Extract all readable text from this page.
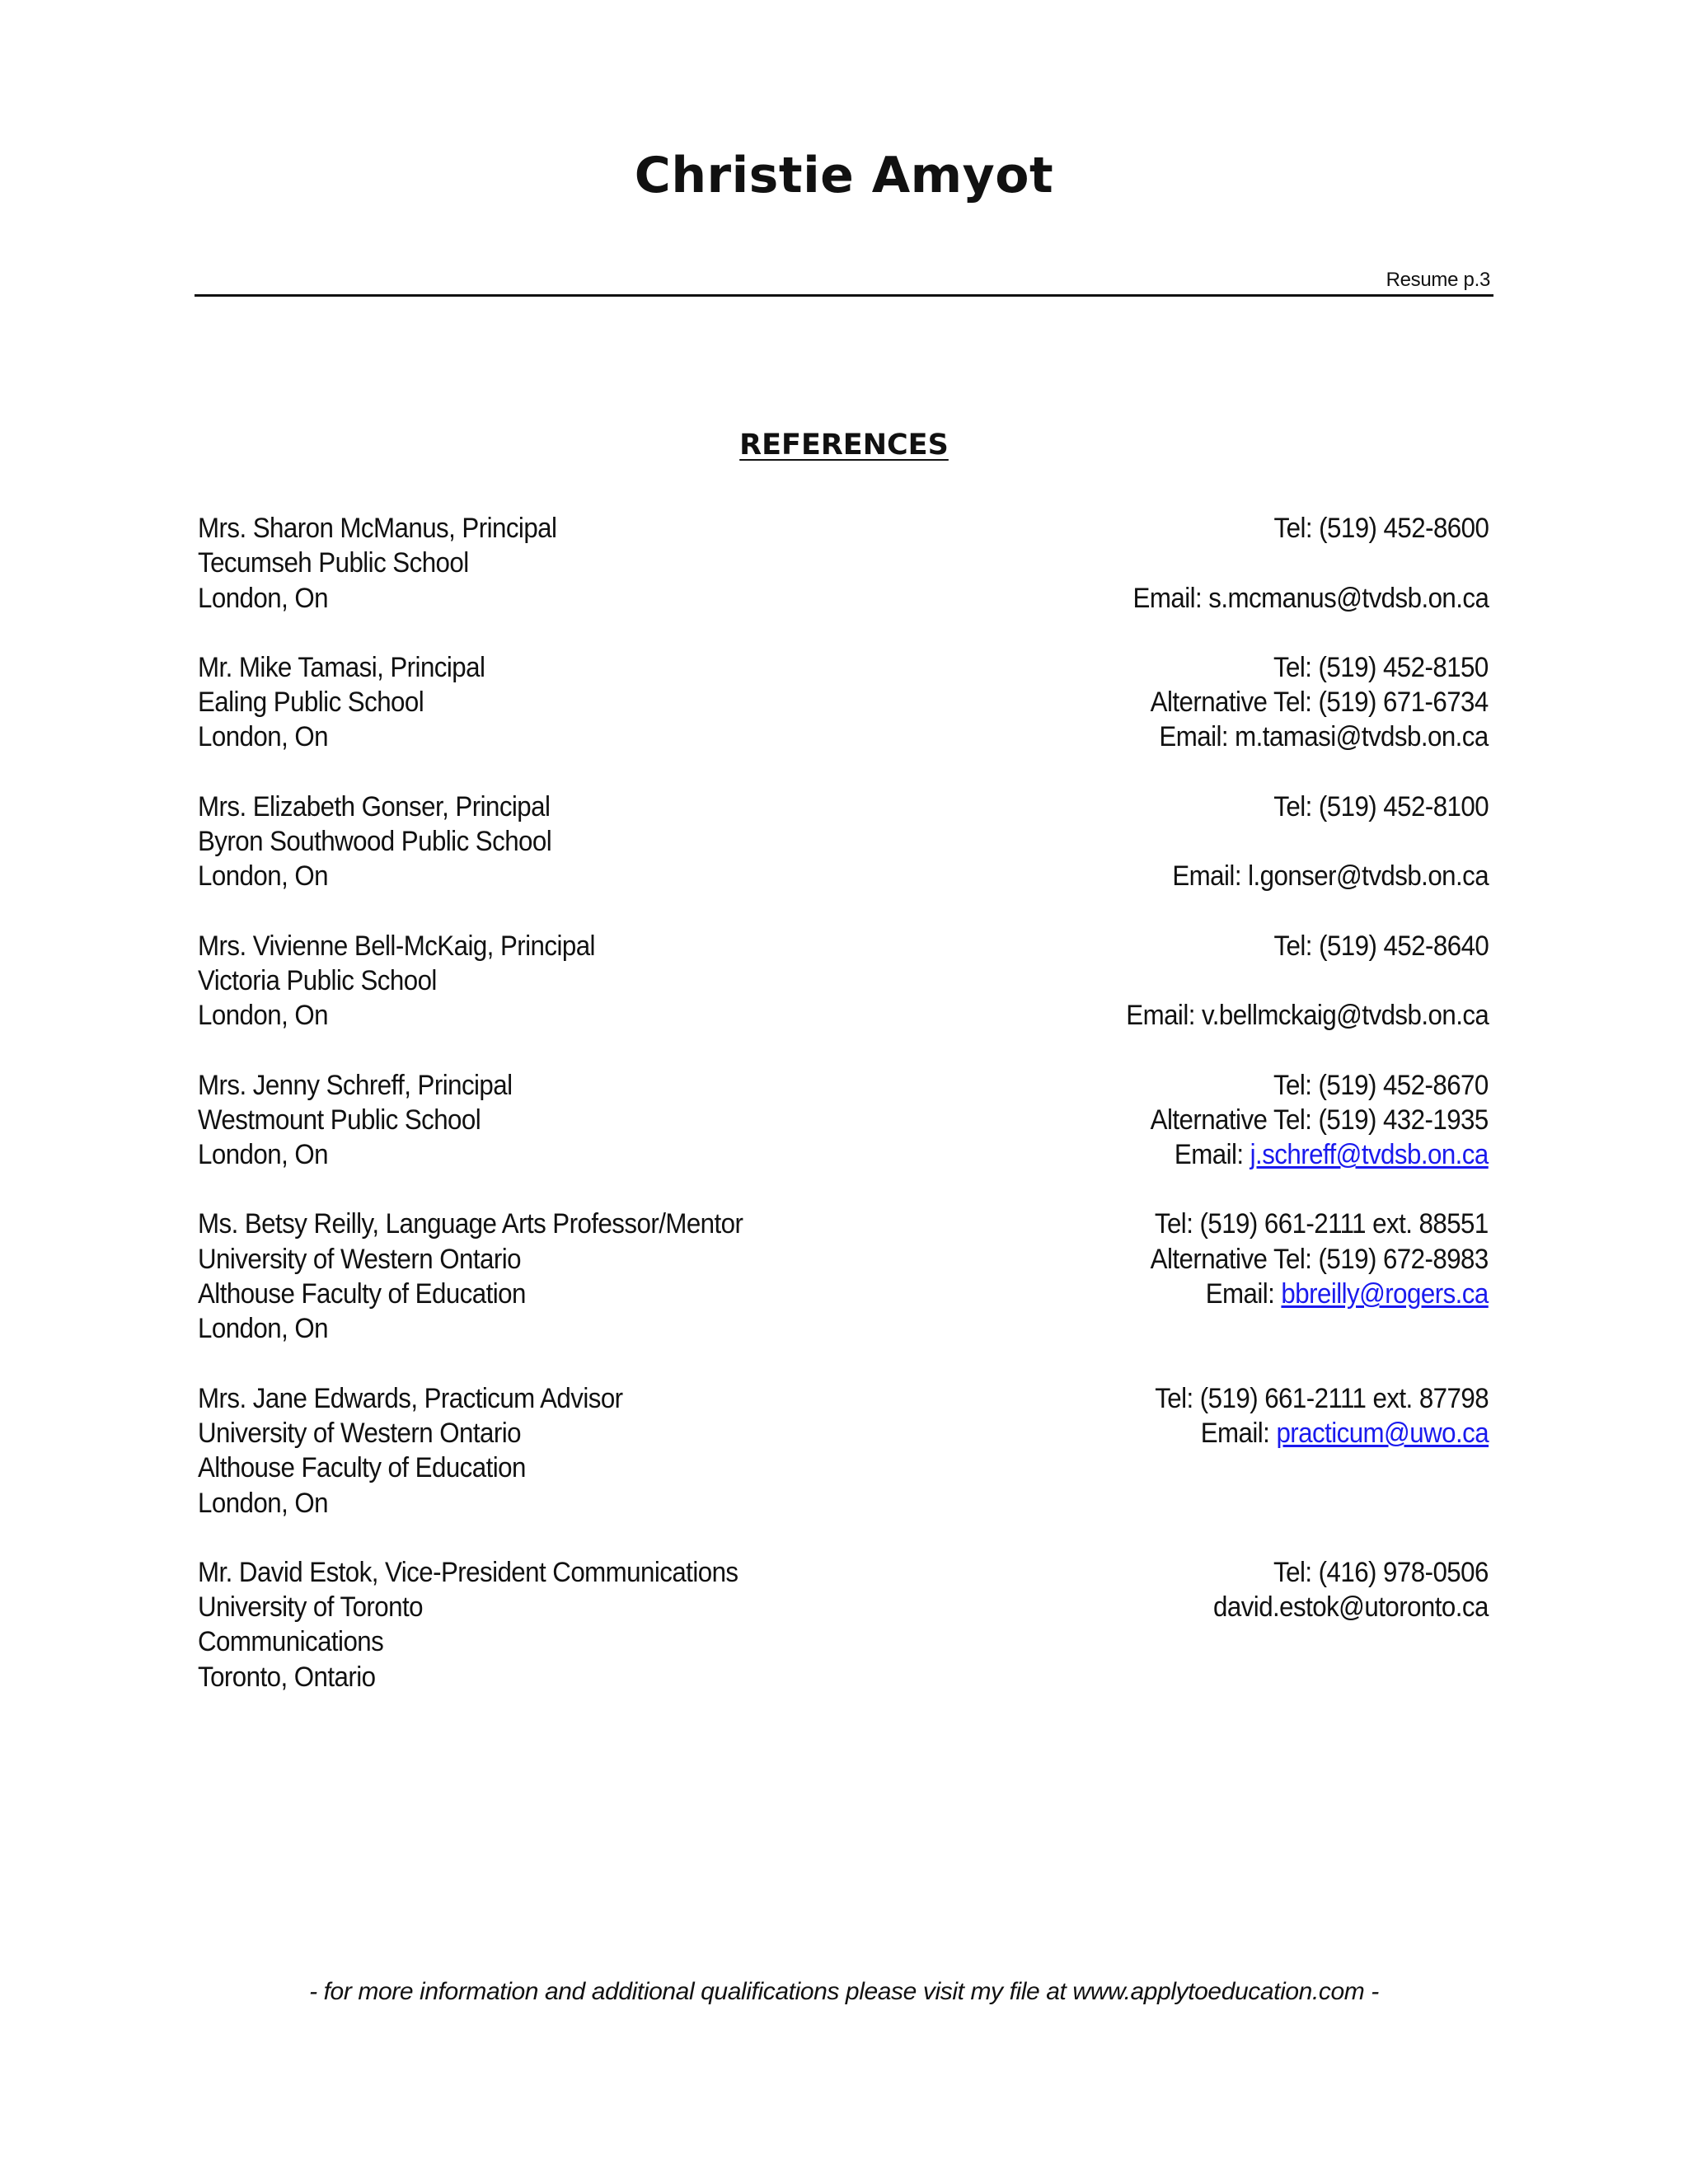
Christie Amyot
Resume p.3
REFERENCES
Mrs. Sharon McManus, Principal
Tecumseh Public School
London, On
Tel: (519) 452-8600
Email: s.mcmanus@tvdsb.on.ca
Mr. Mike Tamasi, Principal
Ealing Public School
London, On
Tel: (519) 452-8150
Alternative Tel: (519) 671-6734
Email: m.tamasi@tvdsb.on.ca
Mrs. Elizabeth Gonser, Principal
Byron Southwood Public School
London, On
Tel: (519) 452-8100
Email: l.gonser@tvdsb.on.ca
Mrs. Vivienne Bell-McKaig, Principal
Victoria Public School
London, On
Tel: (519) 452-8640
Email: v.bellmckaig@tvdsb.on.ca
Mrs. Jenny Schreff, Principal
Westmount Public School
London, On
Tel: (519) 452-8670
Alternative Tel: (519) 432-1935
Email: j.schreff@tvdsb.on.ca
Ms. Betsy Reilly, Language Arts Professor/Mentor
University of Western Ontario
Althouse Faculty of Education
London, On
Tel: (519) 661-2111 ext. 88551
Alternative Tel: (519) 672-8983
Email: bbreilly@rogers.ca
Mrs. Jane Edwards, Practicum Advisor
University of Western Ontario
Althouse Faculty of Education
London, On
Tel: (519) 661-2111 ext. 87798
Email: practicum@uwo.ca
Mr. David Estok, Vice-President Communications
University of Toronto
Communications
Toronto, Ontario
Tel: (416) 978-0506
david.estok@utoronto.ca
- for more information and additional qualifications please visit my file at www.applytoeducation.com -
